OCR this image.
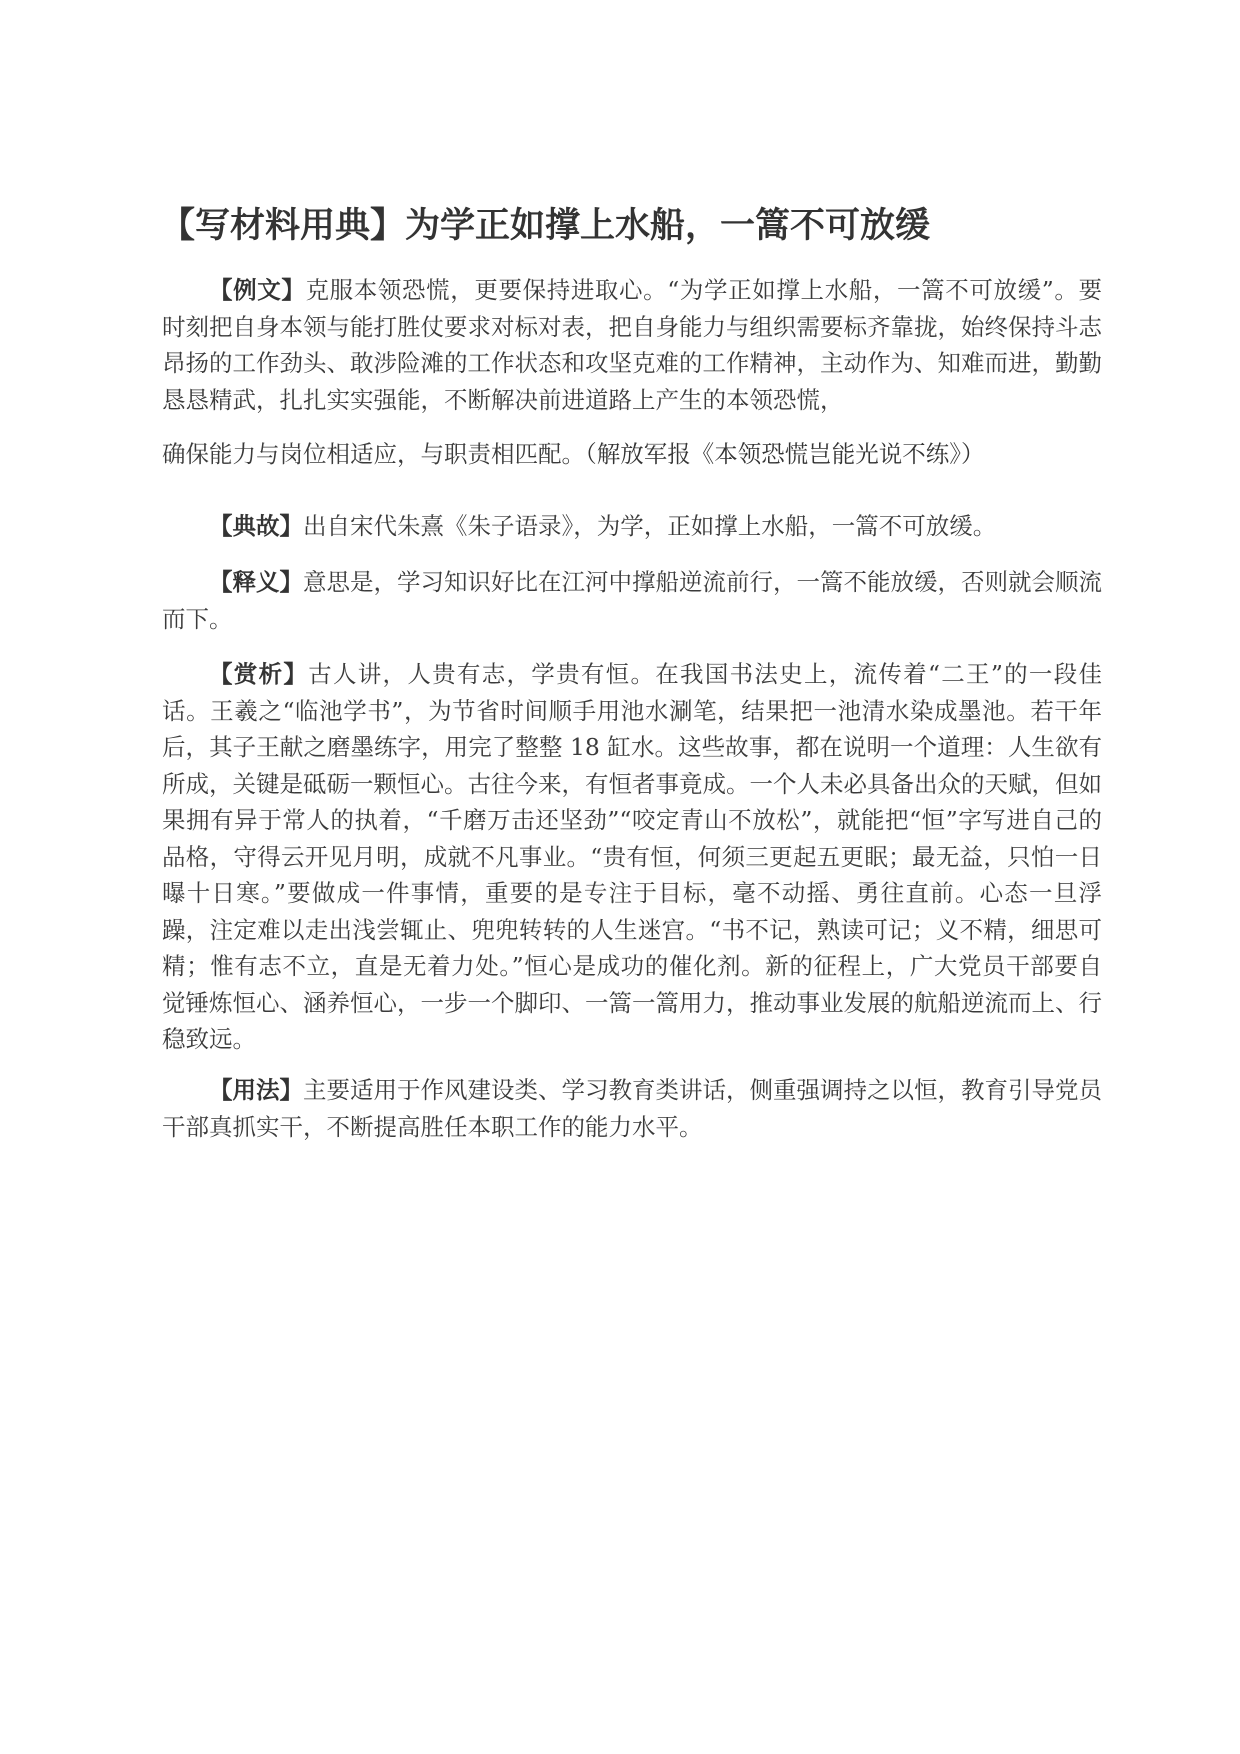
【写材料用典】为学正如撑上水船，一篙不可放缓

【例文】克服本领恐慌，更要保持进取心。“为学正如撑上水船，一篙不可放缓”。要时刻把自身本领与能打胜仗要求对标对表，把自身能力与组织需要标齐靠拢，始终保持斗志昂扬的工作劲头、敢涉险滩的工作状态和攻坚克难的工作精神，主动作为、知难而进，勤勤恳恳精武，扎扎实实强能，不断解决前进道路上产生的本领恐慌，
确保能力与岗位相适应，与职责相匹配。（解放军报《本领恐慌岂能光说不练》）

【典故】出自宋代朱熹《朱子语录》，为学，正如撑上水船，一篙不可放缓。

【释义】意思是，学习知识好比在江河中撑船逆流前行，一篙不能放缓，否则就会顺流而下。

【赏析】古人讲，人贵有志，学贵有恒。在我国书法史上，流传着“二王”的一段佳话。王羲之“临池学书”，为节省时间顺手用池水涮笔，结果把一池清水染成墨池。若干年后，其子王献之磨墨练字，用完了整整 18 缸水。这些故事，都在说明一个道理：人生欲有所成，关键是砥砺一颗恒心。古往今来，有恒者事竟成。一个人未必具备出众的天赋，但如果拥有异于常人的执着，“千磨万击还坚劲”“咬定青山不放松”，就能把“恒”字写进自己的品格，守得云开见月明，成就不凡事业。“贵有恒，何须三更起五更眠；最无益，只怕一日曝十日寒。”要做成一件事情，重要的是专注于目标，毫不动摇、勇往直前。心态一旦浮躁，注定难以走出浅尝辄止、兜兜转转的人生迷宫。“书不记，熟读可记；义不精，细思可精；惟有志不立，直是无着力处。”恒心是成功的催化剂。新的征程上，广大党员干部要自觉锤炼恒心、涵养恒心，一步一个脚印、一篙一篙用力，推动事业发展的航船逆流而上、行稳致远。

【用法】主要适用于作风建设类、学习教育类讲话，侧重强调持之以恒，教育引导党员干部真抓实干，不断提高胜任本职工作的能力水平。
